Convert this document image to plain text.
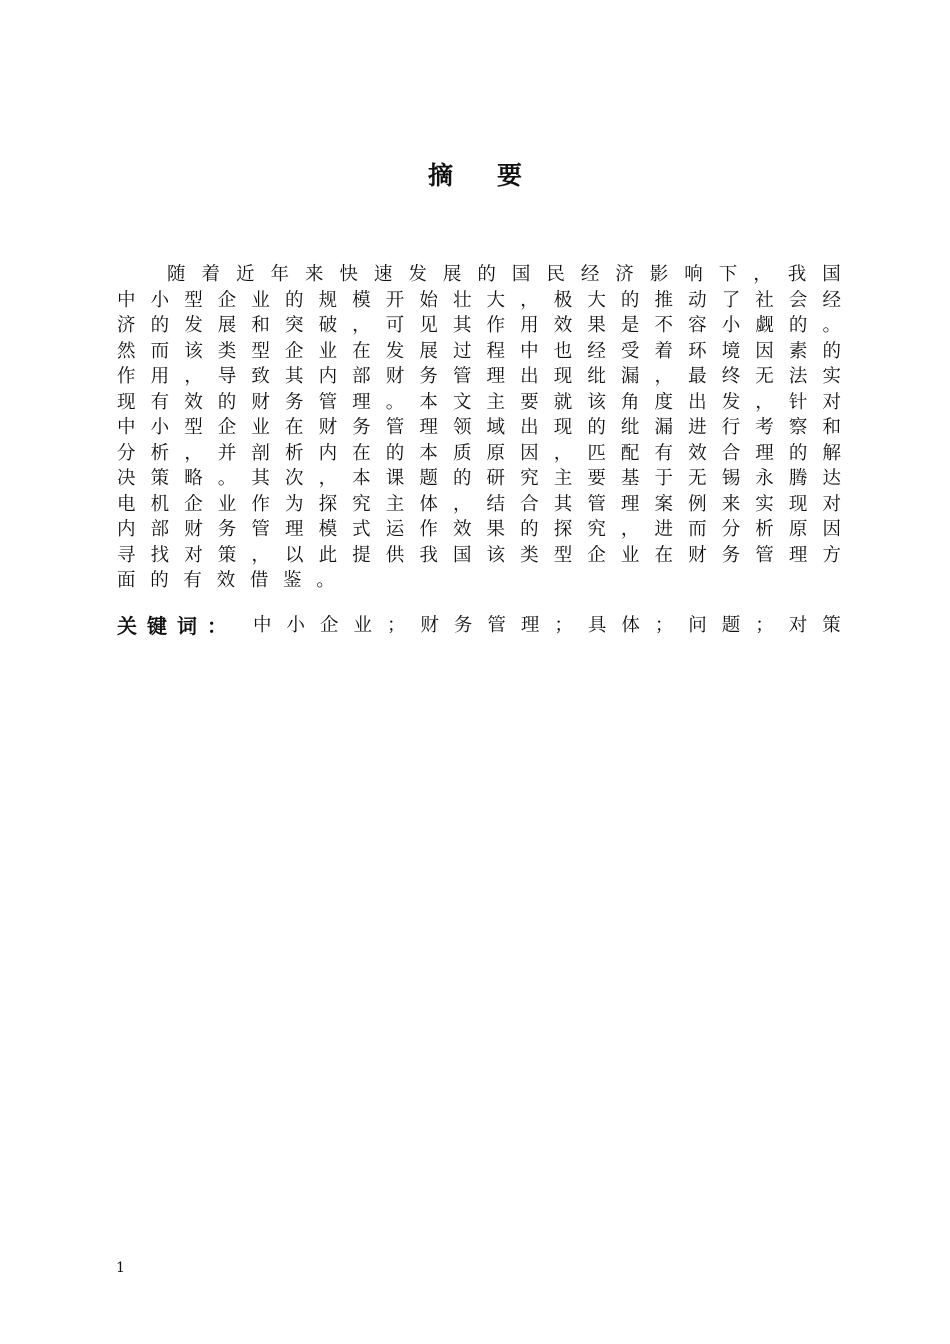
摘 要
随 着 近 年 来 快 速 发 展 的 国 民 经 济 影 响 下 ， 我 国
中 小 型 企 业 的 规 模 开 始 壮 大 ， 极 大 的 推 动 了 社 会 经
济 的 发 展 和 突 破 ， 可 见 其 作 用 效 果 是 不 容 小 觑 的 。
然 而 该 类 型 企 业 在 发 展 过 程 中 也 经 受 着 环 境 因 素 的
作 用 ， 导 致 其 内 部 财 务 管 理 出 现 纰 漏 ， 最 终 无 法 实
现 有 效 的 财 务 管 理 。 本 文 主 要 就 该 角 度 出 发 ， 针 对
中 小 型 企 业 在 财 务 管 理 领 域 出 现 的 纰 漏 进 行 考 察 和
分 析 ， 并 剖 析 内 在 的 本 质 原 因 ， 匹 配 有 效 合 理 的 解
决 策 略 。 其 次 ， 本 课 题 的 研 究 主 要 基 于 无 锡 永 腾 达
电 机 企 业 作 为 探 究 主 体 ， 结 合 其 管 理 案 例 来 实 现 对
内 部 财 务 管 理 模 式 运 作 效 果 的 探 究 ， 进 而 分 析 原 因
寻 找 对 策 ， 以 此 提 供 我 国 该 类 型 企 业 在 财 务 管 理 方
面 的 有 效 借 鉴 。
关 键 词 ： 中 小 企 业 ； 财 务 管 理 ； 具 体 ； 问 题 ； 对 策
1
